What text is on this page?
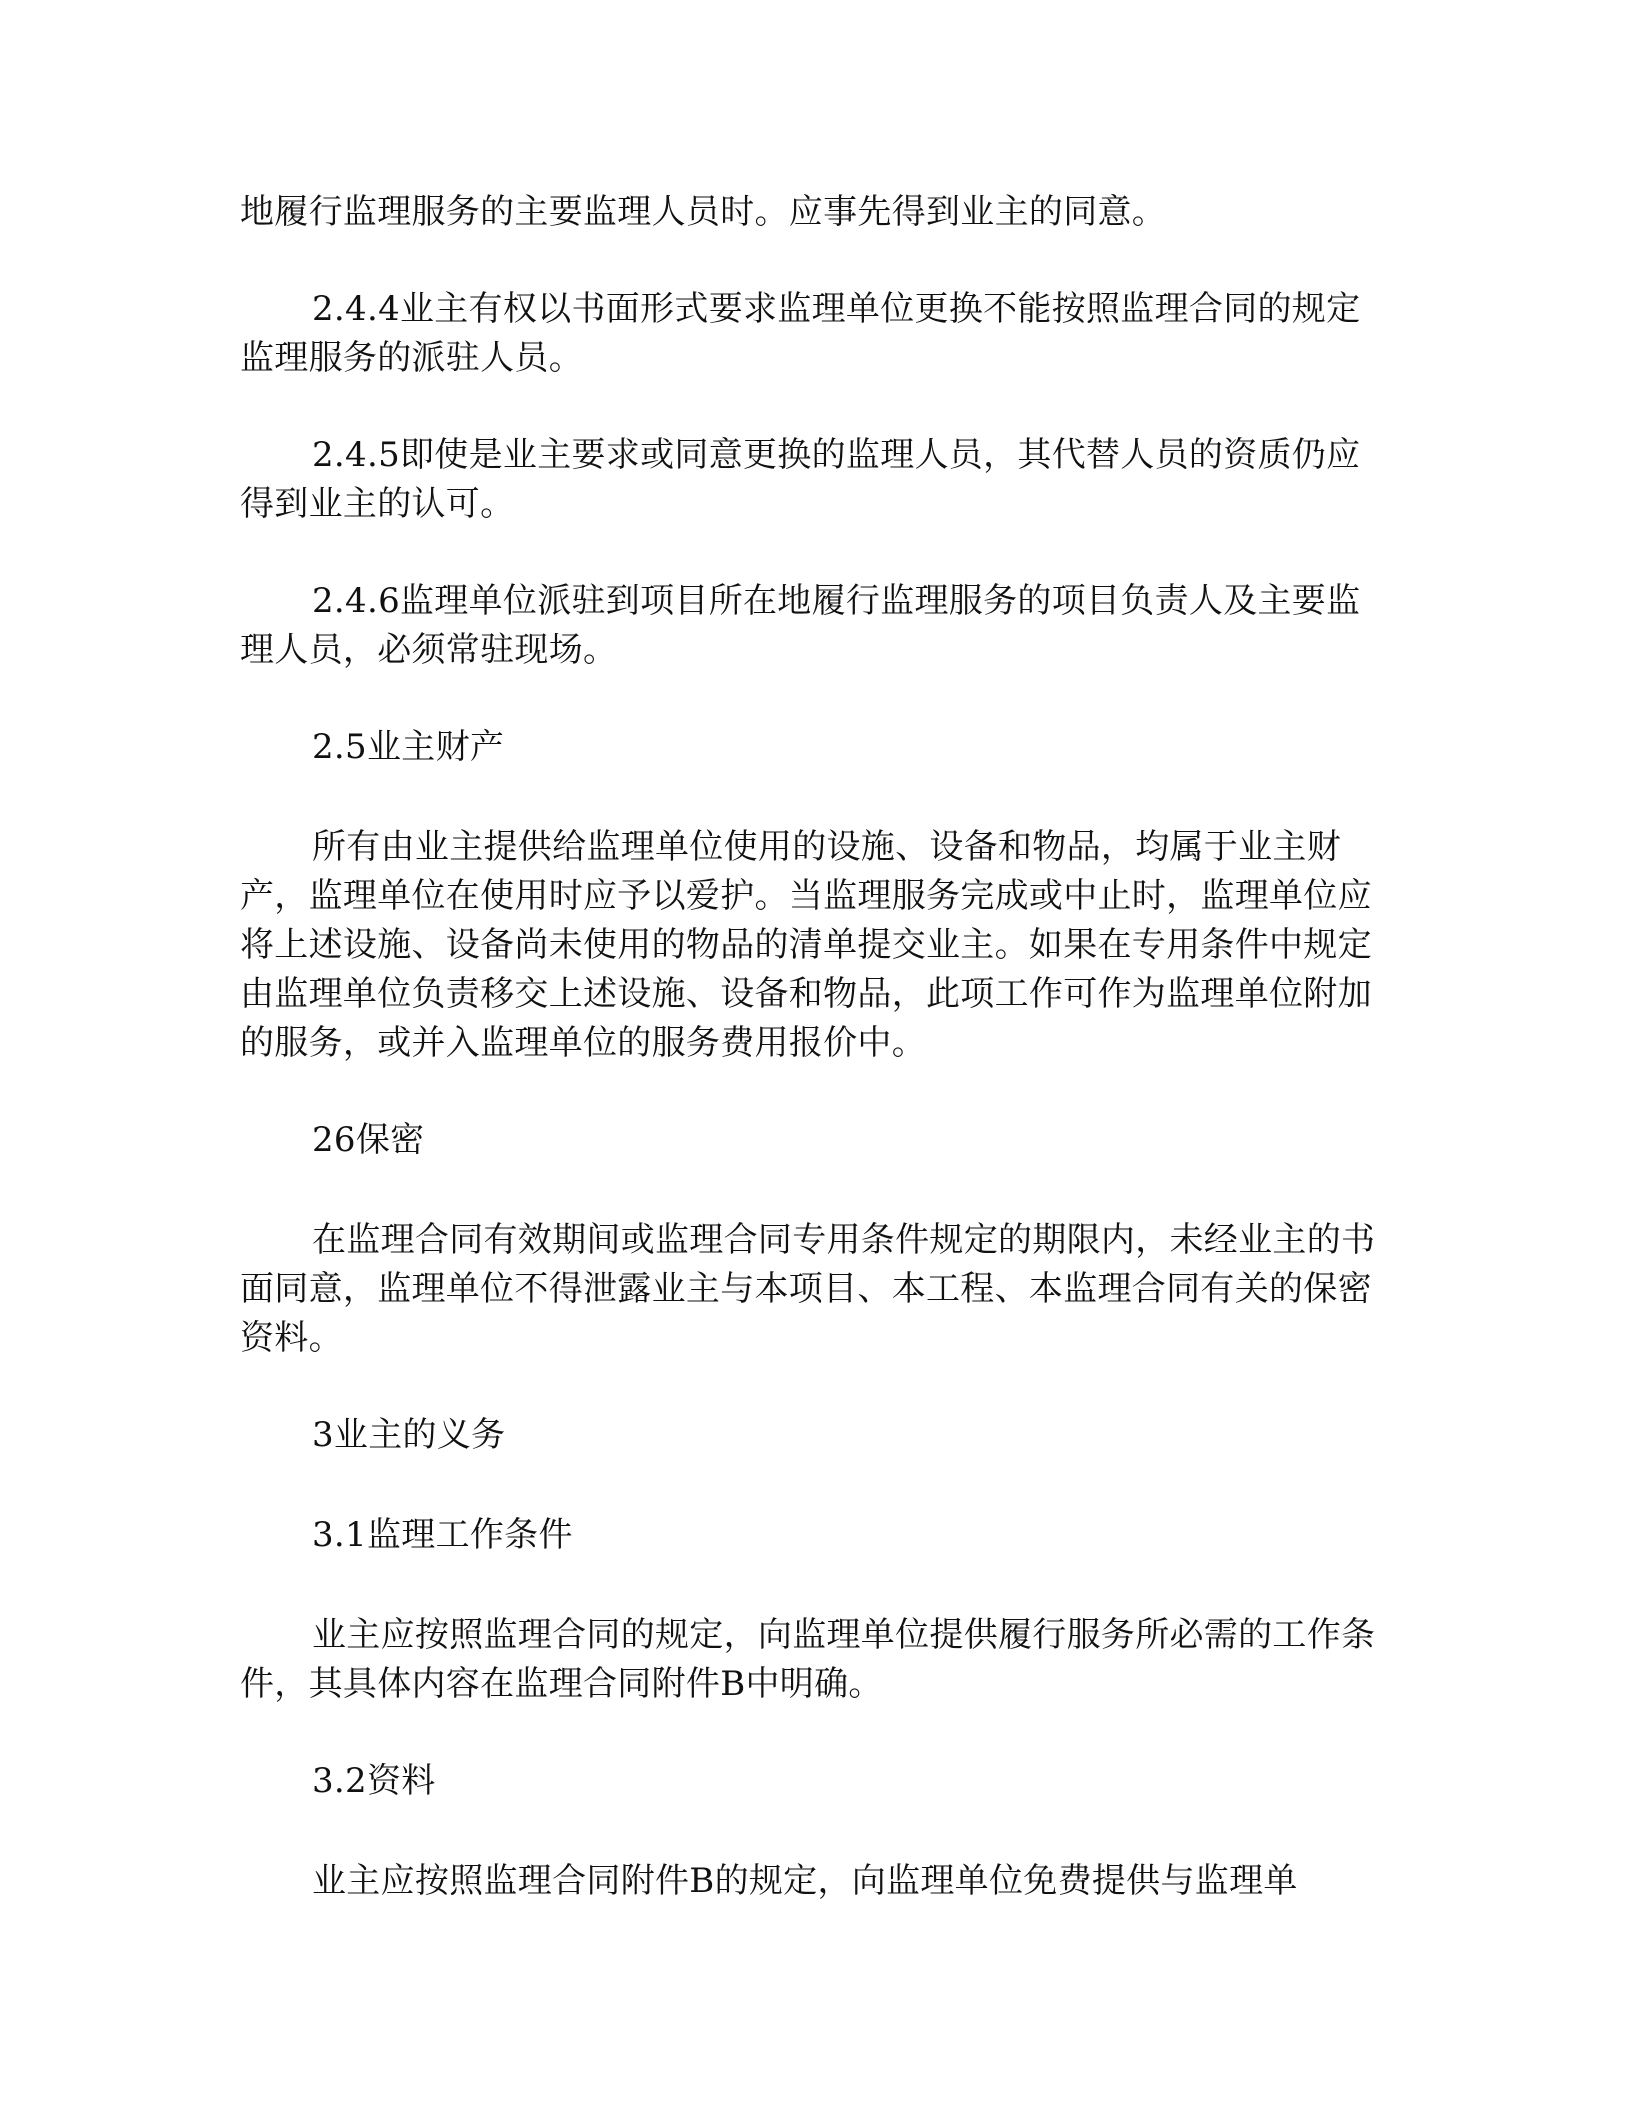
地履行监理服务的主要监理人员时。应事先得到业主的同意。

2.4.4业主有权以书面形式要求监理单位更换不能按照监理合同的规定监理服务的派驻人员。

2.4.5即使是业主要求或同意更换的监理人员，其代替人员的资质仍应得到业主的认可。

2.4.6监理单位派驻到项目所在地履行监理服务的项目负责人及主要监理人员，必须常驻现场。

2.5业主财产

所有由业主提供给监理单位使用的设施、设备和物品，均属于业主财产，监理单位在使用时应予以爱护。当监理服务完成或中止时，监理单位应将上述设施、设备尚未使用的物品的清单提交业主。如果在专用条件中规定由监理单位负责移交上述设施、设备和物品，此项工作可作为监理单位附加的服务，或并入监理单位的服务费用报价中。

26保密

在监理合同有效期间或监理合同专用条件规定的期限内，未经业主的书面同意，监理单位不得泄露业主与本项目、本工程、本监理合同有关的保密资料。

3业主的义务

3.1监理工作条件

业主应按照监理合同的规定，向监理单位提供履行服务所必需的工作条件，其具体内容在监理合同附件B中明确。

3.2资料

业主应按照监理合同附件B的规定，向监理单位免费提供与监理单
